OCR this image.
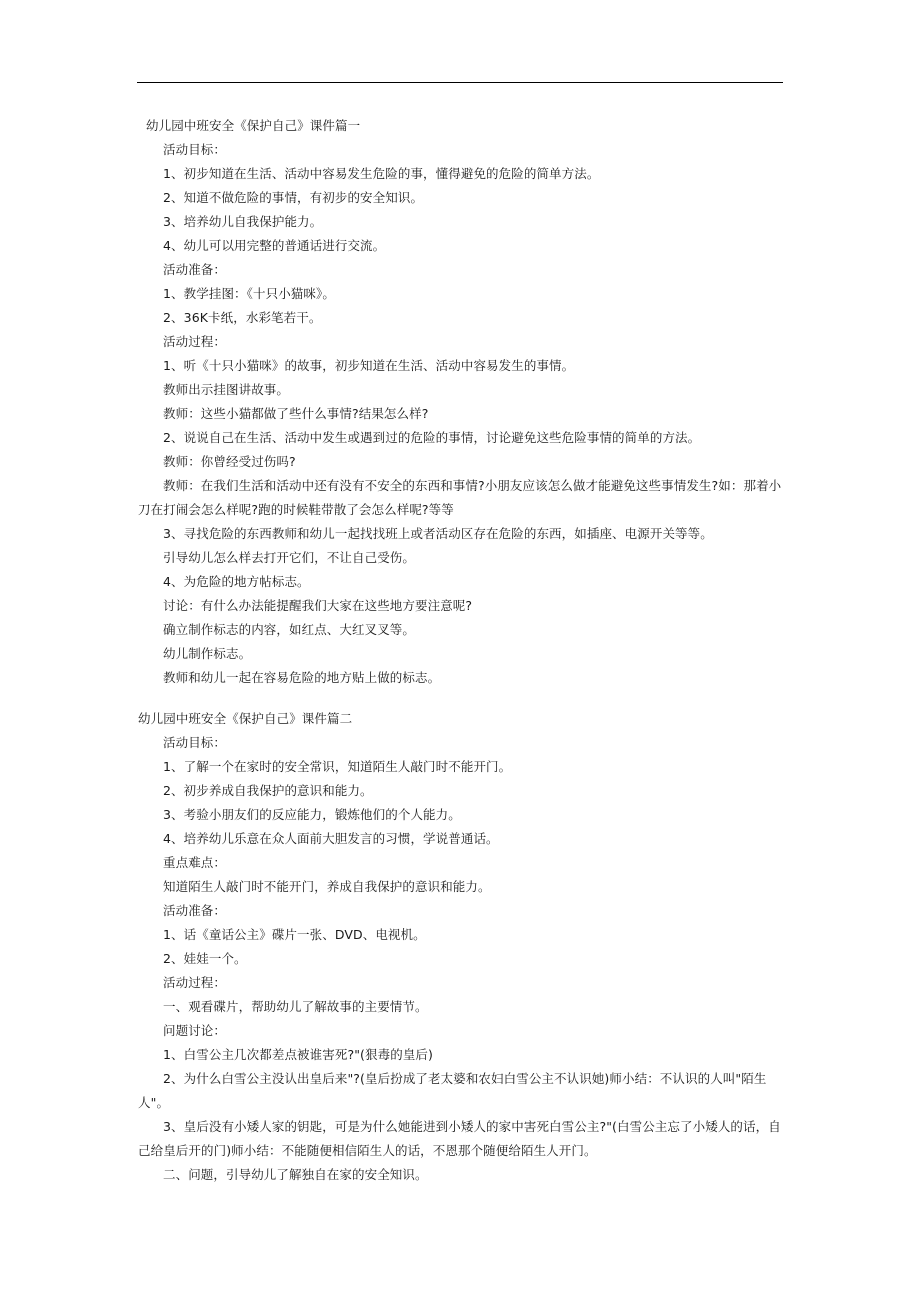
幼儿园中班安全《保护自己》课件篇一

活动目标：

1、初步知道在生活、活动中容易发生危险的事，懂得避免的危险的简单方法。

2、知道不做危险的事情，有初步的安全知识。

3、培养幼儿自我保护能力。

4、幼儿可以用完整的普通话进行交流。

活动准备：

1、教学挂图：《十只小猫咪》。

2、36K卡纸，水彩笔若干。

活动过程：

1、听《十只小猫咪》的故事，初步知道在生活、活动中容易发生的事情。

教师出示挂图讲故事。

教师：这些小猫都做了些什么事情?结果怎么样?

2、说说自己在生活、活动中发生或遇到过的危险的事情，讨论避免这些危险事情的简单的方法。

教师：你曾经受过伤吗?

教师：在我们生活和活动中还有没有不安全的东西和事情?小朋友应该怎么做才能避免这些事情发生?如：那着小刀在打闹会怎么样呢?跑的时候鞋带散了会怎么样呢?等等

3、寻找危险的东西教师和幼儿一起找找班上或者活动区存在危险的东西，如插座、电源开关等等。

引导幼儿怎么样去打开它们，不让自己受伤。

4、为危险的地方帖标志。

讨论：有什么办法能提醒我们大家在这些地方要注意呢?

确立制作标志的内容，如红点、大红叉叉等。

幼儿制作标志。

教师和幼儿一起在容易危险的地方贴上做的标志。

幼儿园中班安全《保护自己》课件篇二

活动目标：

1、了解一个在家时的安全常识，知道陌生人敲门时不能开门。

2、初步养成自我保护的意识和能力。

3、考验小朋友们的反应能力，锻炼他们的个人能力。

4、培养幼儿乐意在众人面前大胆发言的习惯，学说普通话。

重点难点：

知道陌生人敲门时不能开门，养成自我保护的意识和能力。

活动准备：

1、话《童话公主》碟片一张、DVD、电视机。

2、娃娃一个。

活动过程：

一、观看碟片，帮助幼儿了解故事的主要情节。

问题讨论：

1、白雪公主几次都差点被谁害死?"(狠毒的皇后)

2、为什么白雪公主没认出皇后来"?(皇后扮成了老太婆和农妇白雪公主不认识她)师小结：不认识的人叫"陌生人"。

3、皇后没有小矮人家的钥匙，可是为什么她能进到小矮人的家中害死白雪公主?"(白雪公主忘了小矮人的话，自己给皇后开的门)师小结：不能随便相信陌生人的话，不恩那个随便给陌生人开门。

二、问题，引导幼儿了解独自在家的安全知识。
